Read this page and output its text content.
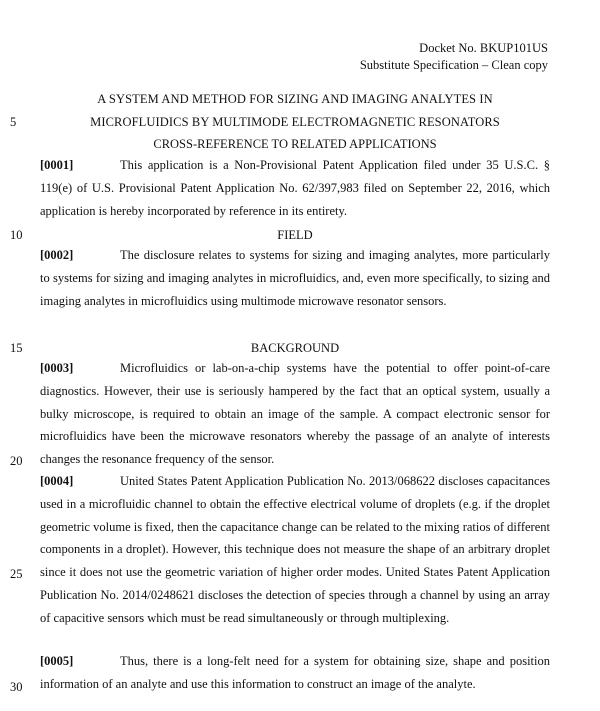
Docket No. BKUP101US
Substitute Specification – Clean copy
5
10
15
20
25
30
A SYSTEM AND METHOD FOR SIZING AND IMAGING ANALYTES IN
MICROFLUIDICS BY MULTIMODE ELECTROMAGNETIC RESONATORS
CROSS-REFERENCE TO RELATED APPLICATIONS
[0001]	This application is a Non-Provisional Patent Application filed under 35 U.S.C. § 119(e) of U.S. Provisional Patent Application No. 62/397,983 filed on September 22, 2016, which application is hereby incorporated by reference in its entirety.
FIELD
[0002]	The disclosure relates to systems for sizing and imaging analytes, more particularly to systems for sizing and imaging analytes in microfluidics, and, even more specifically, to sizing and imaging analytes in microfluidics using multimode microwave resonator sensors.
BACKGROUND
[0003]	Microfluidics or lab-on-a-chip systems have the potential to offer point-of-care diagnostics. However, their use is seriously hampered by the fact that an optical system, usually a bulky microscope, is required to obtain an image of the sample. A compact electronic sensor for microfluidics have been the microwave resonators whereby the passage of an analyte of interests changes the resonance frequency of the sensor.
[0004]	United States Patent Application Publication No. 2013/068622 discloses capacitances used in a microfluidic channel to obtain the effective electrical volume of droplets (e.g. if the droplet geometric volume is fixed, then the capacitance change can be related to the mixing ratios of different components in a droplet). However, this technique does not measure the shape of an arbitrary droplet since it does not use the geometric variation of higher order modes. United States Patent Application Publication No. 2014/0248621 discloses the detection of species through a channel by using an array of capacitive sensors which must be read simultaneously or through multiplexing.
[0005]	Thus, there is a long-felt need for a system for obtaining size, shape and position information of an analyte and use this information to construct an image of the analyte.
